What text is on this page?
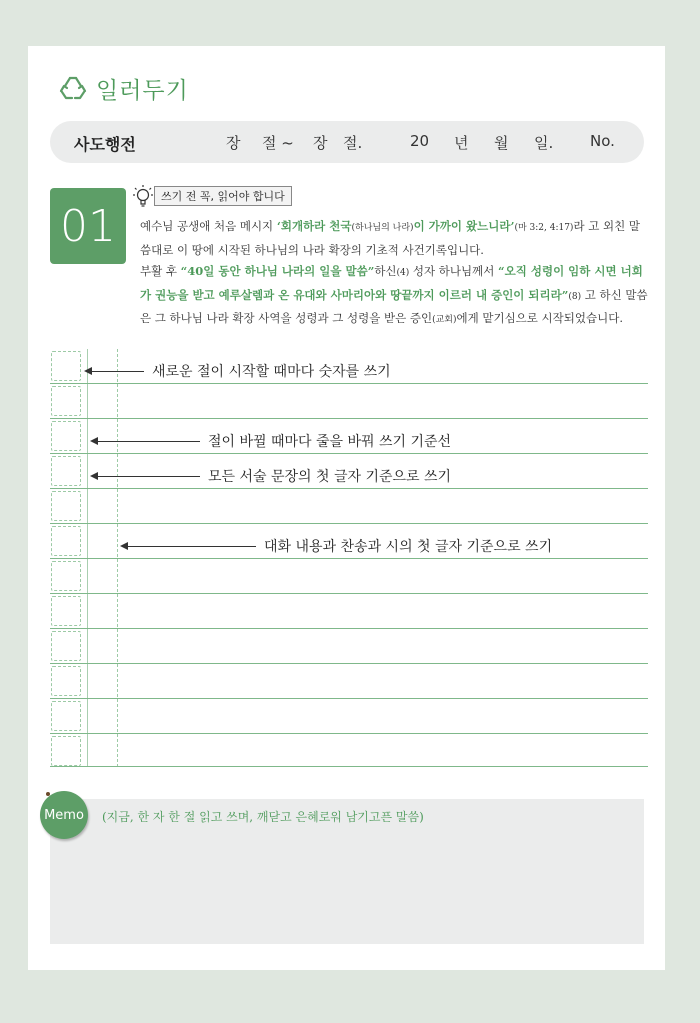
일러두기
사도행전	장 절 ~ 장 절.	20 년 월 일. No.
01
쓰기 전 꼭, 읽어야 합니다
예수님 공생애 처음 메시지 ‘회개하라 천국(하나님의 나라)이 가까이 왔느니라’(마 3:2, 4:17)라 고 외친 말씀대로 이 땅에 시작된 하나님의 나라 확장의 기초적 사건기록입니다.
부활 후 “40일 동안 하나님 나라의 일을 말씀”하신(4) 성자 하나님께서 “오직 성령이 임하 시면 너희가 권능을 받고 예루살렘과 온 유대와 사마리아와 땅끝까지 이르러 내 증인이 되리라”(8) 고 하신 말씀은 그 하나님 나라 확장 사역을 성령과 그 성령을 받은 증인(교회)에게 맡기심으로 시작되었습니다.
새로운 절이 시작할 때마다 숫자를 쓰기
절이 바뀔 때마다 줄을 바꿔 쓰기 기준선
모든 서술 문장의 첫 글자 기준으로 쓰기
대화 내용과 찬송과 시의 첫 글자 기준으로 쓰기
Memo	(지금, 한 자 한 절 읽고 쓰며, 깨닫고 은혜로워 남기고픈 말씀)
